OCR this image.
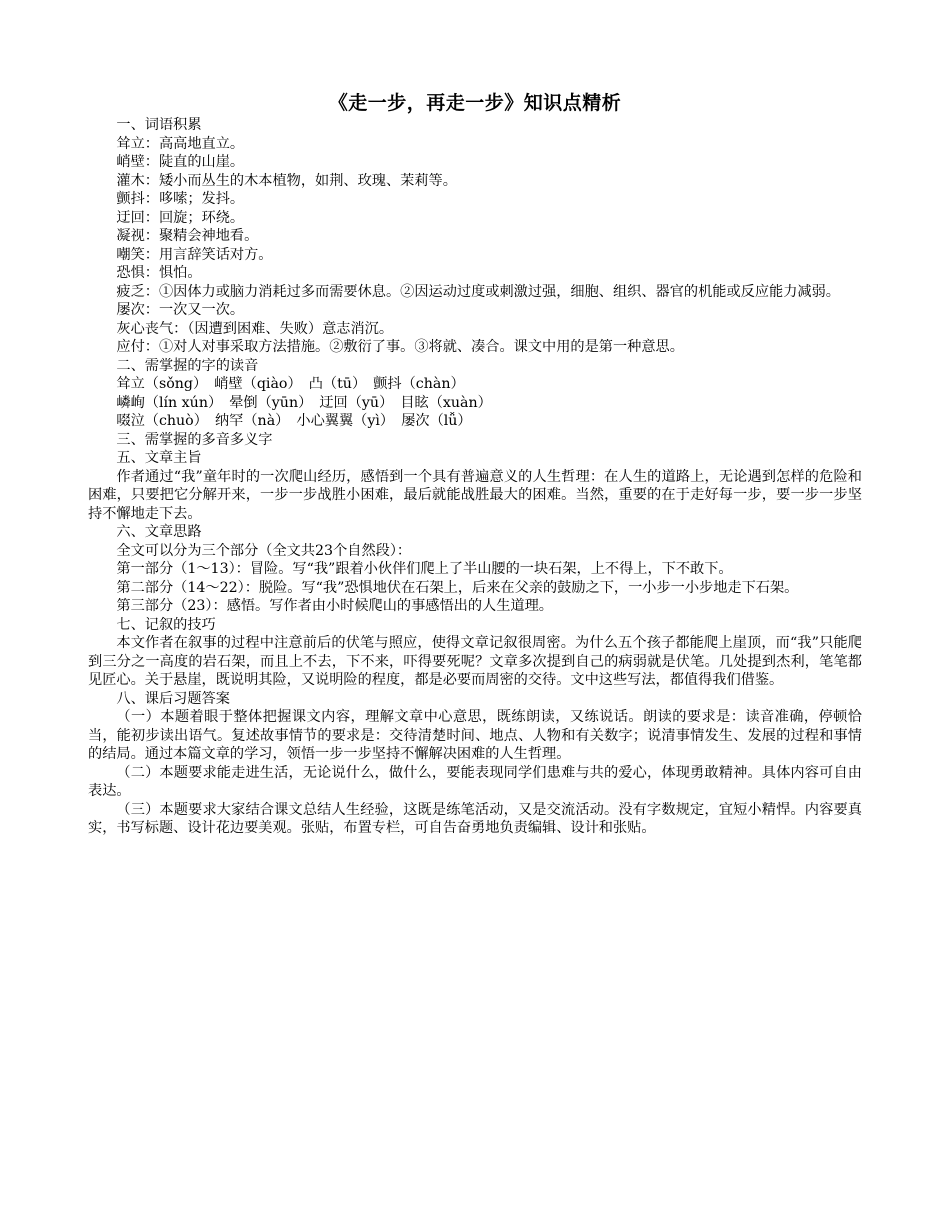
《走一步，再走一步》知识点精析

一、词语积累

耸立：高高地直立。

峭壁：陡直的山崖。

灌木：矮小而丛生的木本植物，如荆、玫瑰、茉莉等。

颤抖：哆嗦；发抖。

迂回：回旋；环绕。

凝视：聚精会神地看。

嘲笑：用言辞笑话对方。

恐惧：惧怕。

疲乏：①因体力或脑力消耗过多而需要休息。②因运动过度或刺激过强，细胞、组织、器官的机能或反应能力减弱。

屡次：一次又一次。

灰心丧气：（因遭到困难、失败）意志消沉。

应付：①对人对事采取方法措施。②敷衍了事。③将就、凑合。课文中用的是第一种意思。

二、需掌握的字的读音

耸立（sǒng）　峭壁（qiào）　凸（tū）　颤抖（chàn）

嶙峋（lín xún）　晕倒（yūn）　迂回（yū）　目眩（xuàn）

啜泣（chuò）　纳罕（nà）　小心翼翼（yì）　屡次（lǚ）

三、需掌握的多音多义字

五、文章主旨

作者通过“我”童年时的一次爬山经历，感悟到一个具有普遍意义的人生哲理：在人生的道路上，无论遇到怎样的危险和困难，只要把它分解开来，一步一步战胜小困难，最后就能战胜最大的困难。当然，重要的在于走好每一步，要一步一步坚持不懈地走下去。

六、文章思路

全文可以分为三个部分（全文共23个自然段）：

第一部分（1～13）：冒险。写“我”跟着小伙伴们爬上了半山腰的一块石架，上不得上，下不敢下。

第二部分（14～22）：脱险。写“我”恐惧地伏在石架上，后来在父亲的鼓励之下，一小步一小步地走下石架。

第三部分（23）：感悟。写作者由小时候爬山的事感悟出的人生道理。

七、记叙的技巧

本文作者在叙事的过程中注意前后的伏笔与照应，使得文章记叙很周密。为什么五个孩子都能爬上崖顶，而“我”只能爬到三分之一高度的岩石架，而且上不去，下不来，吓得要死呢？文章多次提到自己的病弱就是伏笔。几处提到杰利，笔笔都见匠心。关于悬崖，既说明其险，又说明险的程度，都是必要而周密的交待。文中这些写法，都值得我们借鉴。

八、课后习题答案

（一）本题着眼于整体把握课文内容，理解文章中心意思，既练朗读，又练说话。朗读的要求是：读音准确，停顿恰当，能初步读出语气。复述故事情节的要求是：交待清楚时间、地点、人物和有关数字；说清事情发生、发展的过程和事情的结局。通过本篇文章的学习，领悟一步一步坚持不懈解决困难的人生哲理。

（二）本题要求能走进生活，无论说什么，做什么，要能表现同学们患难与共的爱心，体现勇敢精神。具体内容可自由表达。

（三）本题要求大家结合课文总结人生经验，这既是练笔活动，又是交流活动。没有字数规定，宜短小精悍。内容要真实，书写标题、设计花边要美观。张贴，布置专栏，可自告奋勇地负责编辑、设计和张贴。
